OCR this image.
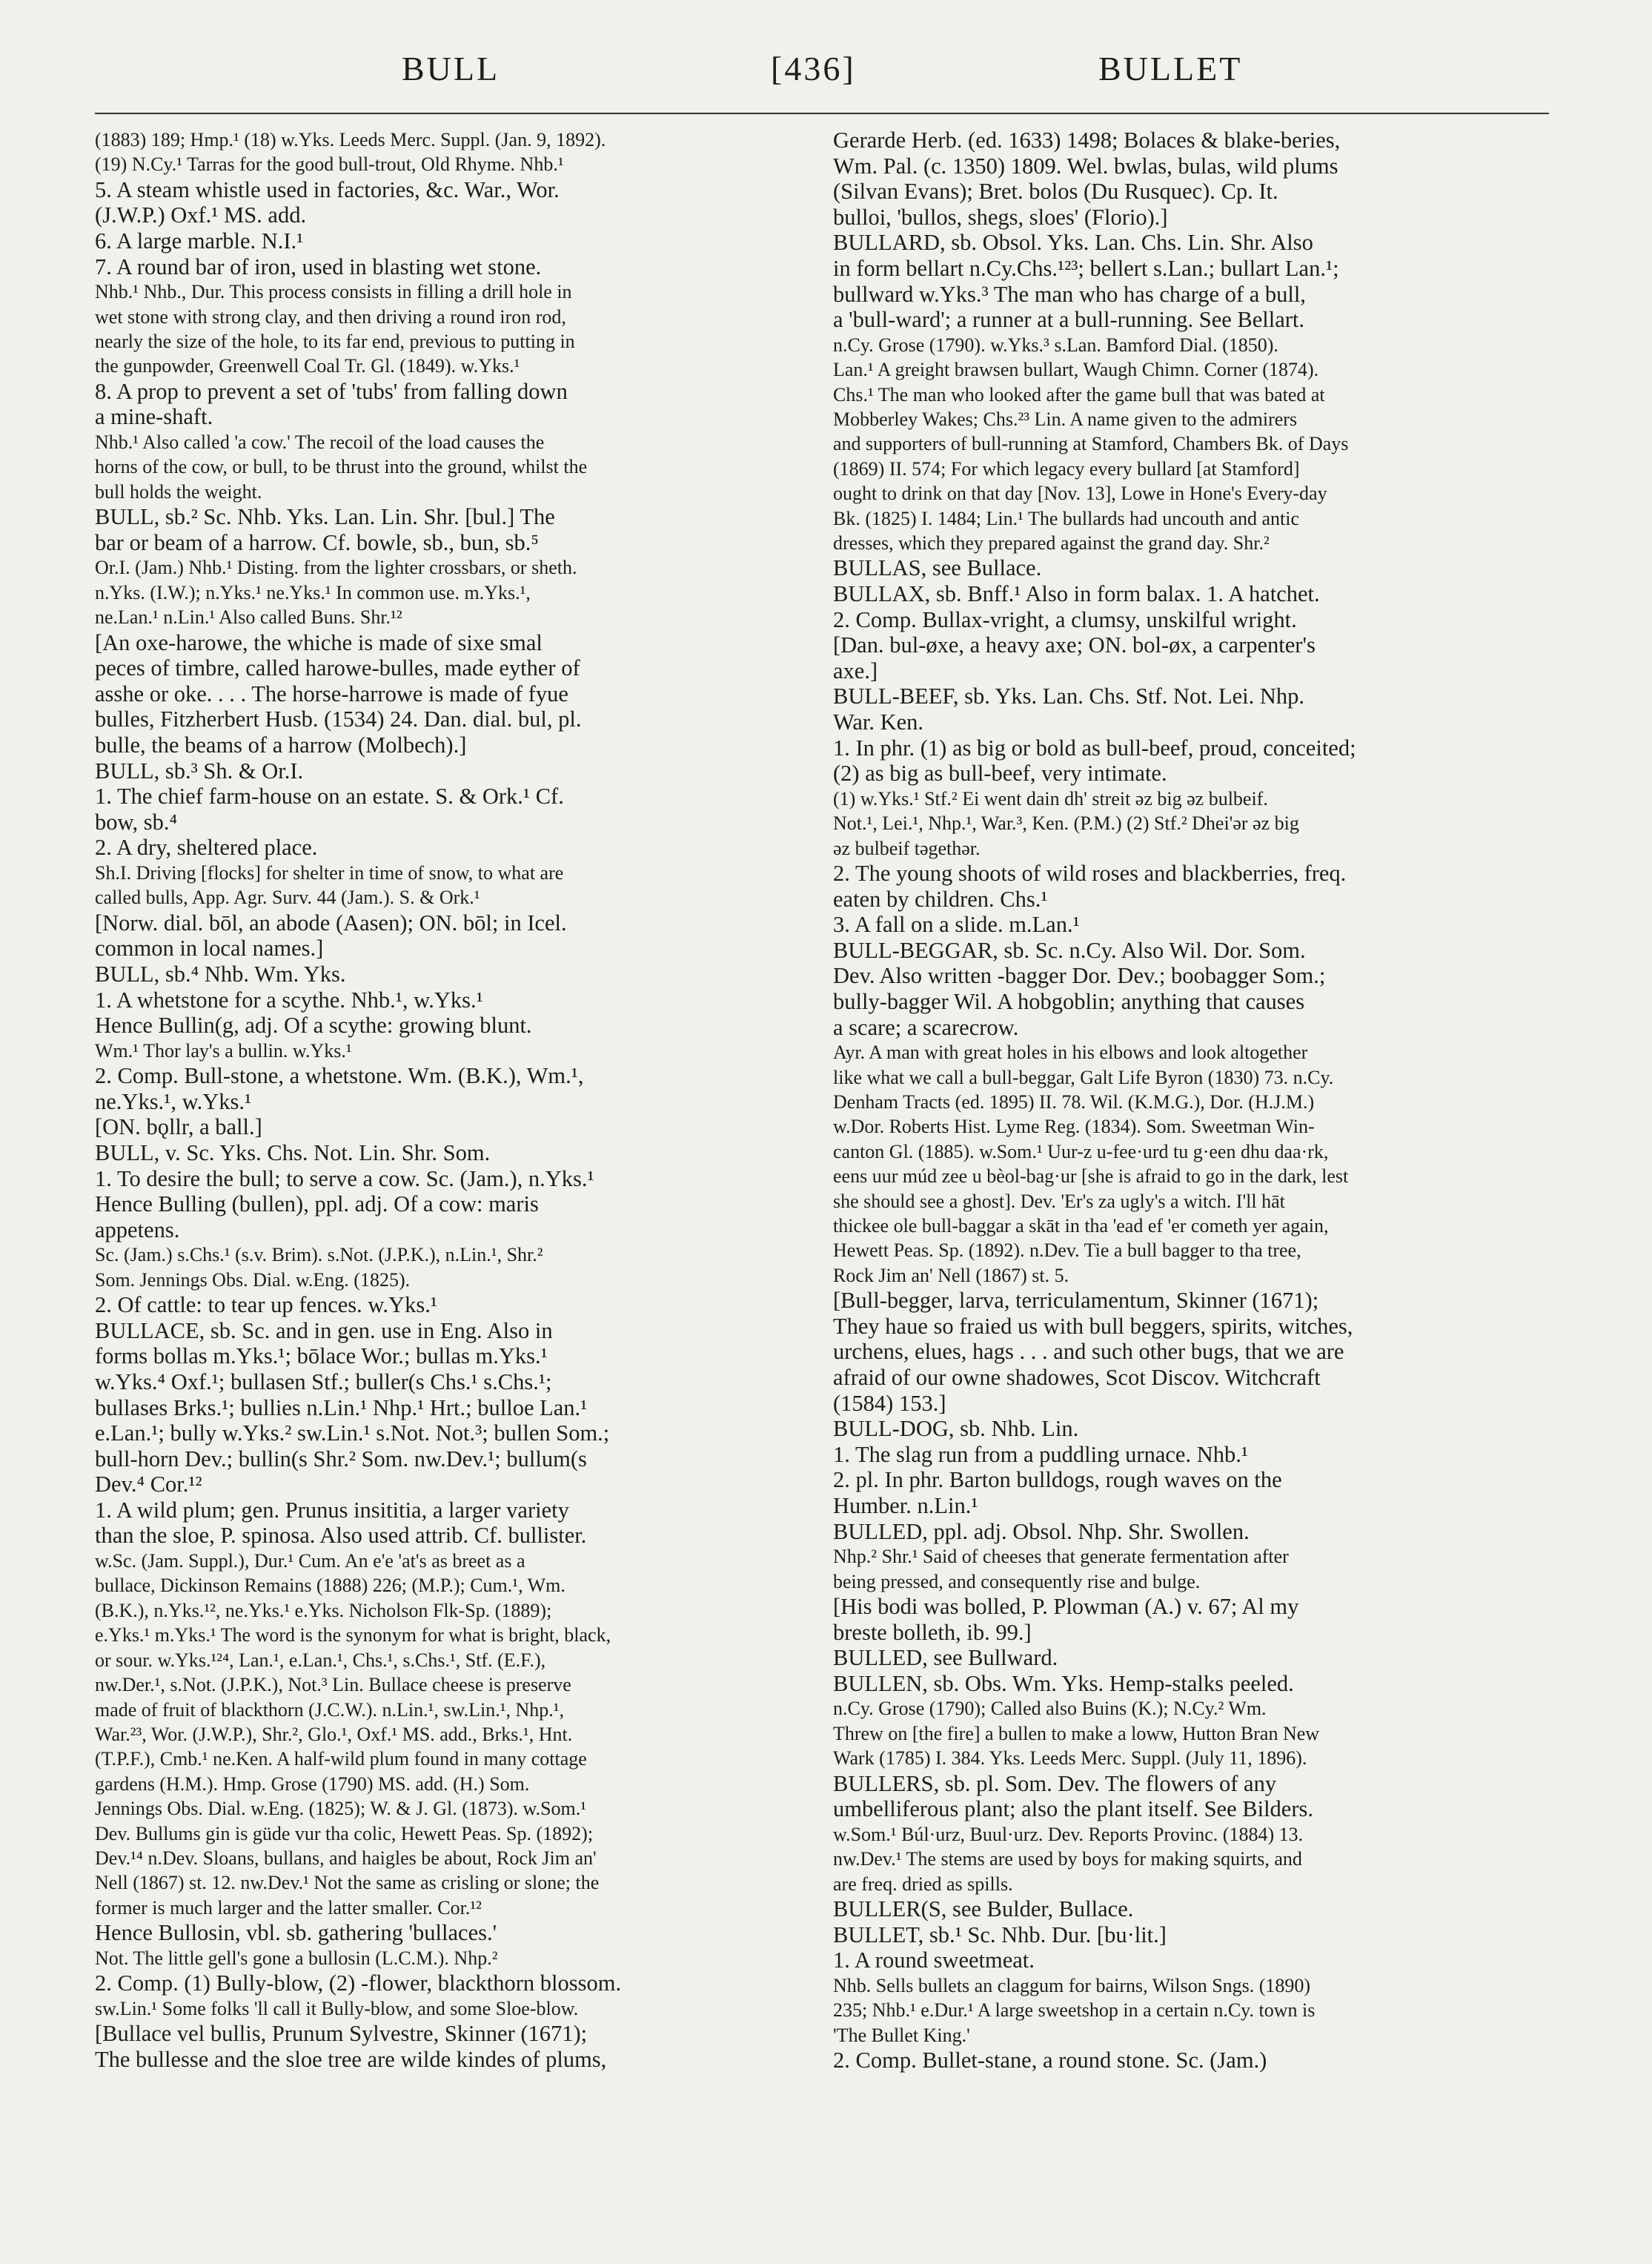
BULL	[436]	BULLET
(1883) 189; Hmp.¹ (18) w.Yks. Leeds Merc. Suppl. (Jan. 9, 1892).
(19) N.Cy.¹ Tarras for the good bull-trout, Old Rhyme. Nhb.¹
5. A steam whistle used in factories, &c. War., Wor.
(J.W.P.) Oxf.¹ MS. add.
6. A large marble. N.I.¹
7. A round bar of iron, used in blasting wet stone.
Nhb.¹ Nhb., Dur. This process consists in filling a drill hole in
wet stone with strong clay, and then driving a round iron rod,
nearly the size of the hole, to its far end, previous to putting in
the gunpowder, Greenwell Coal Tr. Gl. (1849). w.Yks.¹
8. A prop to prevent a set of 'tubs' from falling down
a mine-shaft.
Nhb.¹ Also called 'a cow.' The recoil of the load causes the
horns of the cow, or bull, to be thrust into the ground, whilst the
bull holds the weight.
BULL, sb.² Sc. Nhb. Yks. Lan. Lin. Shr. [bul.] The
bar or beam of a harrow. Cf. bowle, sb., bun, sb.⁵
Or.I. (Jam.) Nhb.¹ Disting. from the lighter crossbars, or sheth.
n.Yks. (I.W.); n.Yks.¹ ne.Yks.¹ In common use. m.Yks.¹,
ne.Lan.¹ n.Lin.¹ Also called Buns. Shr.¹²
[An oxe-harowe, the whiche is made of sixe smal
peces of timbre, called harowe-bulles, made eyther of
asshe or oke. . . . The horse-harrowe is made of fyue
bulles, Fitzherbert Husb. (1534) 24. Dan. dial. bul, pl.
bulle, the beams of a harrow (Molbech).]
BULL, sb.³ Sh. & Or.I.
1. The chief farm-house on an estate. S. & Ork.¹ Cf.
bow, sb.⁴
2. A dry, sheltered place.
Sh.I. Driving [flocks] for shelter in time of snow, to what are
called bulls, App. Agr. Surv. 44 (Jam.). S. & Ork.¹
[Norw. dial. bōl, an abode (Aasen); ON. bōl; in Icel.
common in local names.]
BULL, sb.⁴ Nhb. Wm. Yks.
1. A whetstone for a scythe. Nhb.¹, w.Yks.¹
Hence Bullin(g, adj. Of a scythe: growing blunt.
Wm.¹ Thor lay's a bullin. w.Yks.¹
2. Comp. Bull-stone, a whetstone. Wm. (B.K.), Wm.¹,
ne.Yks.¹, w.Yks.¹
[ON. bǫllr, a ball.]
BULL, v. Sc. Yks. Chs. Not. Lin. Shr. Som.
1. To desire the bull; to serve a cow. Sc. (Jam.), n.Yks.¹
Hence Bulling (bullen), ppl. adj. Of a cow: maris
appetens.
Sc. (Jam.) s.Chs.¹ (s.v. Brim). s.Not. (J.P.K.), n.Lin.¹, Shr.²
Som. Jennings Obs. Dial. w.Eng. (1825).
2. Of cattle: to tear up fences. w.Yks.¹
BULLACE, sb. Sc. and in gen. use in Eng. Also in
forms bollas m.Yks.¹; bōlace Wor.; bullas m.Yks.¹
w.Yks.⁴ Oxf.¹; bullasen Stf.; buller(s Chs.¹ s.Chs.¹;
bullases Brks.¹; bullies n.Lin.¹ Nhp.¹ Hrt.; bulloe Lan.¹
e.Lan.¹; bully w.Yks.² sw.Lin.¹ s.Not. Not.³; bullen Som.;
bull-horn Dev.; bullin(s Shr.² Som. nw.Dev.¹; bullum(s
Dev.⁴ Cor.¹²
1. A wild plum; gen. Prunus insititia, a larger variety
than the sloe, P. spinosa. Also used attrib. Cf. bullister.
w.Sc. (Jam. Suppl.), Dur.¹ Cum. An e'e 'at's as breet as a
bullace, Dickinson Remains (1888) 226; (M.P.); Cum.¹, Wm.
(B.K.), n.Yks.¹², ne.Yks.¹ e.Yks. Nicholson Flk-Sp. (1889);
e.Yks.¹ m.Yks.¹ The word is the synonym for what is bright, black,
or sour. w.Yks.¹²⁴, Lan.¹, e.Lan.¹, Chs.¹, s.Chs.¹, Stf. (E.F.),
nw.Der.¹, s.Not. (J.P.K.), Not.³ Lin. Bullace cheese is preserve
made of fruit of blackthorn (J.C.W.). n.Lin.¹, sw.Lin.¹, Nhp.¹,
War.²³, Wor. (J.W.P.), Shr.², Glo.¹, Oxf.¹ MS. add., Brks.¹, Hnt.
(T.P.F.), Cmb.¹ ne.Ken. A half-wild plum found in many cottage
gardens (H.M.). Hmp. Grose (1790) MS. add. (H.) Som.
Jennings Obs. Dial. w.Eng. (1825); W. & J. Gl. (1873). w.Som.¹
Dev. Bullums gin is güde vur tha colic, Hewett Peas. Sp. (1892);
Dev.¹⁴ n.Dev. Sloans, bullans, and haigles be about, Rock Jim an'
Nell (1867) st. 12. nw.Dev.¹ Not the same as crisling or slone; the
former is much larger and the latter smaller. Cor.¹²
Hence Bullosin, vbl. sb. gathering 'bullaces.'
Not. The little gell's gone a bullosin (L.C.M.). Nhp.²
2. Comp. (1) Bully-blow, (2) -flower, blackthorn blossom.
sw.Lin.¹ Some folks 'll call it Bully-blow, and some Sloe-blow.
[Bullace vel bullis, Prunum Sylvestre, Skinner (1671);
The bullesse and the sloe tree are wilde kindes of plums,
Gerarde Herb. (ed. 1633) 1498; Bolaces & blake-beries,
Wm. Pal. (c. 1350) 1809. Wel. bwlas, bulas, wild plums
(Silvan Evans); Bret. bolos (Du Rusquec). Cp. It.
bulloi, 'bullos, shegs, sloes' (Florio).]
BULLARD, sb. Obsol. Yks. Lan. Chs. Lin. Shr. Also
in form bellart n.Cy.Chs.¹²³; bellert s.Lan.; bullart Lan.¹;
bullward w.Yks.³ The man who has charge of a bull,
a 'bull-ward'; a runner at a bull-running. See Bellart.
n.Cy. Grose (1790). w.Yks.³ s.Lan. Bamford Dial. (1850).
Lan.¹ A greight brawsen bullart, Waugh Chimn. Corner (1874).
Chs.¹ The man who looked after the game bull that was bated at
Mobberley Wakes; Chs.²³ Lin. A name given to the admirers
and supporters of bull-running at Stamford, Chambers Bk. of Days
(1869) II. 574; For which legacy every bullard [at Stamford]
ought to drink on that day [Nov. 13], Lowe in Hone's Every-day
Bk. (1825) I. 1484; Lin.¹ The bullards had uncouth and antic
dresses, which they prepared against the grand day. Shr.²
BULLAS, see Bullace.
BULLAX, sb. Bnff.¹ Also in form balax. 1. A hatchet.
2. Comp. Bullax-vright, a clumsy, unskilful wright.
[Dan. bul-øxe, a heavy axe; ON. bol-øx, a carpenter's
axe.]
BULL-BEEF, sb. Yks. Lan. Chs. Stf. Not. Lei. Nhp.
War. Ken.
1. In phr. (1) as big or bold as bull-beef, proud, conceited;
(2) as big as bull-beef, very intimate.
(1) w.Yks.¹ Stf.² Ei went dain dh' streit əz big əz bulbeif.
Not.¹, Lei.¹, Nhp.¹, War.³, Ken. (P.M.) (2) Stf.² Dhei'ər əz big
əz bulbeif təgethər.
2. The young shoots of wild roses and blackberries, freq.
eaten by children. Chs.¹
3. A fall on a slide. m.Lan.¹
BULL-BEGGAR, sb. Sc. n.Cy. Also Wil. Dor. Som.
Dev. Also written -bagger Dor. Dev.; boobagger Som.;
bully-bagger Wil. A hobgoblin; anything that causes
a scare; a scarecrow.
Ayr. A man with great holes in his elbows and look altogether
like what we call a bull-beggar, Galt Life Byron (1830) 73. n.Cy.
Denham Tracts (ed. 1895) II. 78. Wil. (K.M.G.), Dor. (H.J.M.)
w.Dor. Roberts Hist. Lyme Reg. (1834). Som. Sweetman Win-
canton Gl. (1885). w.Som.¹ Uur-z u-fee·urd tu g·een dhu daa·rk,
eens uur múd zee u bèol-bag·ur [she is afraid to go in the dark, lest
she should see a ghost]. Dev. 'Er's za ugly's a witch. I'll hāt
thickee ole bull-baggar a skāt in tha 'ead ef 'er cometh yer again,
Hewett Peas. Sp. (1892). n.Dev. Tie a bull bagger to tha tree,
Rock Jim an' Nell (1867) st. 5.
[Bull-begger, larva, terriculamentum, Skinner (1671);
They haue so fraied us with bull beggers, spirits, witches,
urchens, elues, hags . . . and such other bugs, that we are
afraid of our owne shadowes, Scot Discov. Witchcraft
(1584) 153.]
BULL-DOG, sb. Nhb. Lin.
1. The slag run from a puddling urnace. Nhb.¹
2. pl. In phr. Barton bulldogs, rough waves on the
Humber. n.Lin.¹
BULLED, ppl. adj. Obsol. Nhp. Shr. Swollen.
Nhp.² Shr.¹ Said of cheeses that generate fermentation after
being pressed, and consequently rise and bulge.
[His bodi was bolled, P. Plowman (A.) v. 67; Al my
breste bolleth, ib. 99.]
BULLED, see Bullward.
BULLEN, sb. Obs. Wm. Yks. Hemp-stalks peeled.
n.Cy. Grose (1790); Called also Buins (K.); N.Cy.² Wm.
Threw on [the fire] a bullen to make a loww, Hutton Bran New
Wark (1785) I. 384. Yks. Leeds Merc. Suppl. (July 11, 1896).
BULLERS, sb. pl. Som. Dev. The flowers of any
umbelliferous plant; also the plant itself. See Bilders.
w.Som.¹ Búl·urz, Buul·urz. Dev. Reports Provinc. (1884) 13.
nw.Dev.¹ The stems are used by boys for making squirts, and
are freq. dried as spills.
BULLER(S, see Bulder, Bullace.
BULLET, sb.¹ Sc. Nhb. Dur. [bu·lit.]
1. A round sweetmeat.
Nhb. Sells bullets an claggum for bairns, Wilson Sngs. (1890)
235; Nhb.¹ e.Dur.¹ A large sweetshop in a certain n.Cy. town is
'The Bullet King.'
2. Comp. Bullet-stane, a round stone. Sc. (Jam.)
